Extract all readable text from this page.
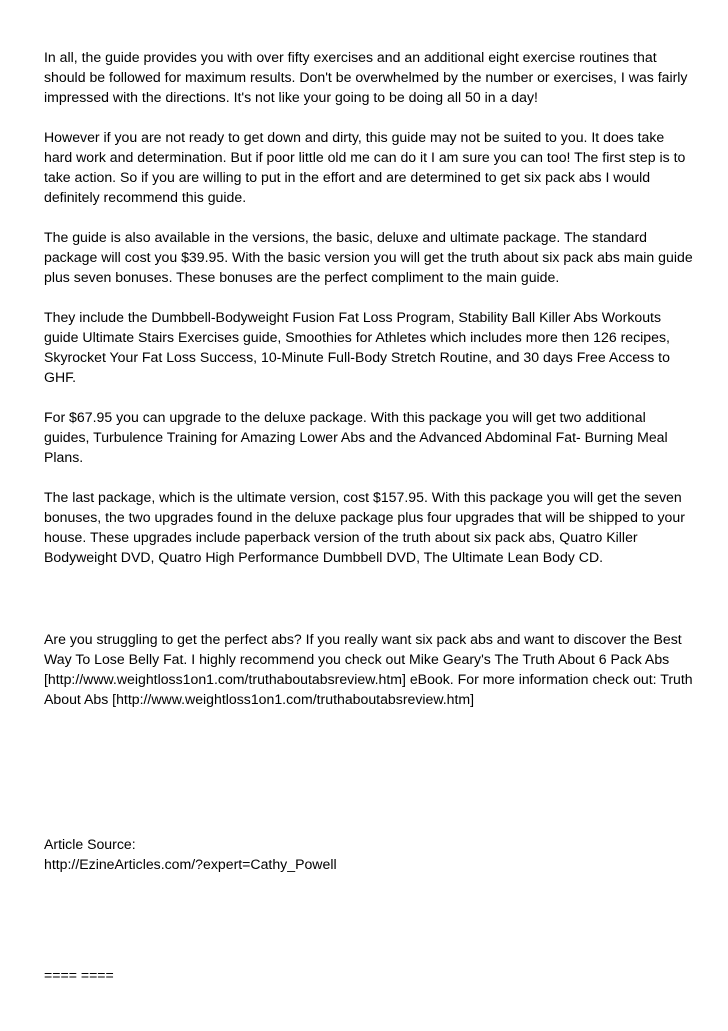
In all, the guide provides you with over fifty exercises and an additional eight exercise routines that should be followed for maximum results. Don't be overwhelmed by the number or exercises, I was fairly impressed with the directions. It's not like your going to be doing all 50 in a day!

However if you are not ready to get down and dirty, this guide may not be suited to you. It does take hard work and determination. But if poor little old me can do it I am sure you can too! The first step is to take action. So if you are willing to put in the effort and are determined to get six pack abs I would definitely recommend this guide.

The guide is also available in the versions, the basic, deluxe and ultimate package. The standard package will cost you $39.95. With the basic version you will get the truth about six pack abs main guide plus seven bonuses. These bonuses are the perfect compliment to the main guide.

They include the Dumbbell-Bodyweight Fusion Fat Loss Program, Stability Ball Killer Abs Workouts guide Ultimate Stairs Exercises guide, Smoothies for Athletes which includes more then 126 recipes, Skyrocket Your Fat Loss Success, 10-Minute Full-Body Stretch Routine, and 30 days Free Access to GHF.

For $67.95 you can upgrade to the deluxe package. With this package you will get two additional guides, Turbulence Training for Amazing Lower Abs and the Advanced Abdominal Fat- Burning Meal Plans.

The last package, which is the ultimate version, cost $157.95. With this package you will get the seven bonuses, the two upgrades found in the deluxe package plus four upgrades that will be shipped to your house. These upgrades include paperback version of the truth about six pack abs, Quatro Killer Bodyweight DVD, Quatro High Performance Dumbbell DVD, The Ultimate Lean Body CD.

Are you struggling to get the perfect abs? If you really want six pack abs and want to discover the Best Way To Lose Belly Fat. I highly recommend you check out Mike Geary's The Truth About 6 Pack Abs [http://www.weightloss1on1.com/truthaboutabsreview.htm] eBook. For more information check out: Truth About Abs [http://www.weightloss1on1.com/truthaboutabsreview.htm]

Article Source:

http://EzineArticles.com/?expert=Cathy_Powell

==== ====
